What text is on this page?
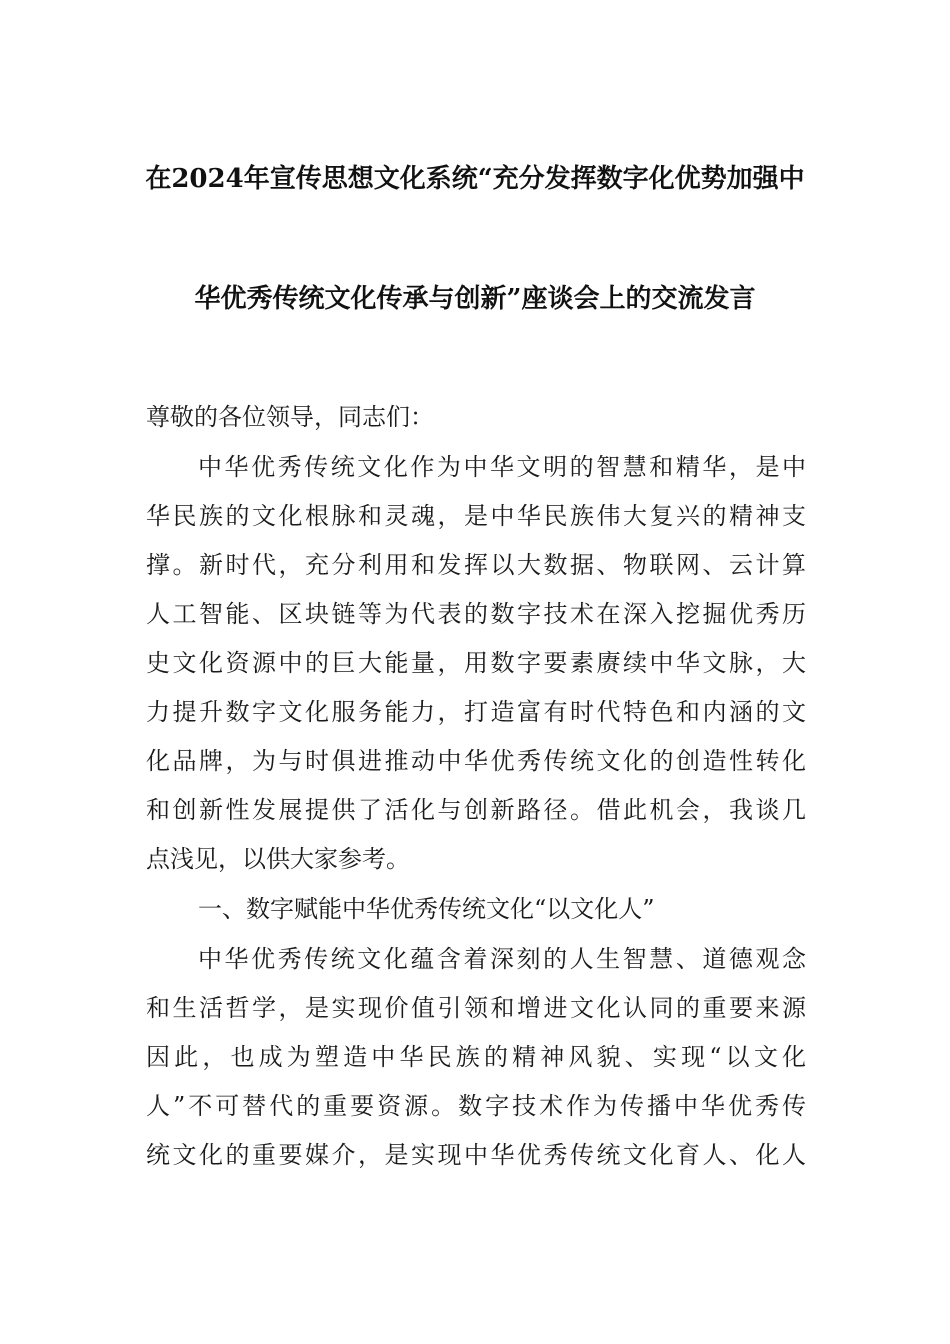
在2024年宣传思想文化系统“充分发挥数字化优势加强中
华优秀传统文化传承与创新”座谈会上的交流发言
尊敬的各位领导，同志们：
中华优秀传统文化作为中华文明的智慧和精华，是中
华民族的文化根脉和灵魂，是中华民族伟大复兴的精神支
撑。新时代，充分利用和发挥以大数据、物联网、云计算
人工智能、区块链等为代表的数字技术在深入挖掘优秀历
史文化资源中的巨大能量，用数字要素赓续中华文脉，大
力提升数字文化服务能力，打造富有时代特色和内涵的文
化品牌，为与时俱进推动中华优秀传统文化的创造性转化
和创新性发展提供了活化与创新路径。借此机会，我谈几
点浅见，以供大家参考。
一、数字赋能中华优秀传统文化“以文化人”
中华优秀传统文化蕴含着深刻的人生智慧、道德观念
和生活哲学，是实现价值引领和增进文化认同的重要来源
因此，也成为塑造中华民族的精神风貌、实现“以文化
人”不可替代的重要资源。数字技术作为传播中华优秀传
统文化的重要媒介，是实现中华优秀传统文化育人、化人
